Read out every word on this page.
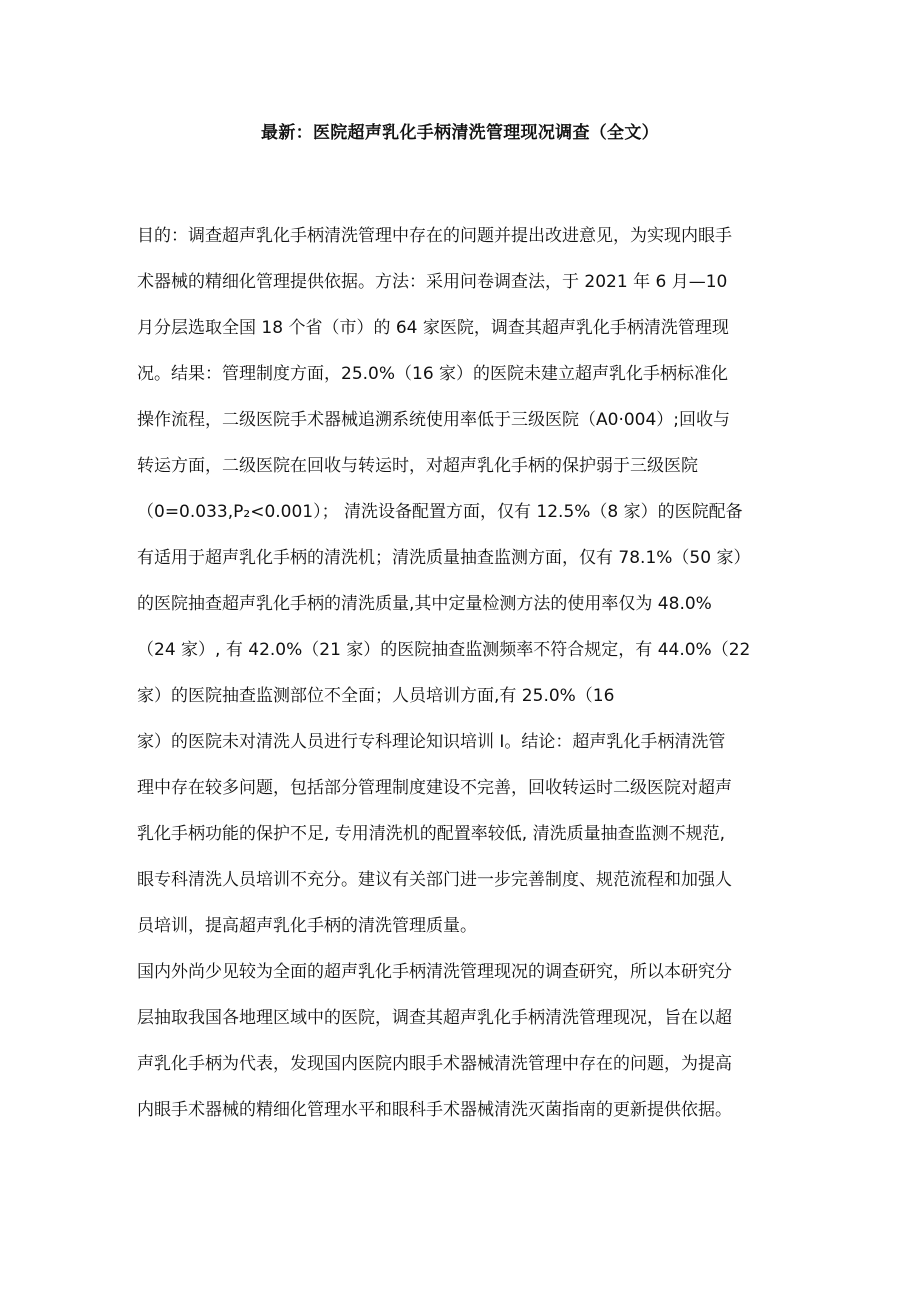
最新：医院超声乳化手柄清洗管理现况调查（全文）
目的：调查超声乳化手柄清洗管理中存在的问题并提出改进意见，为实现内眼手
术器械的精细化管理提供依据。方法：采用问卷调查法，于 2021 年 6 月—10
月分层选取全国 18 个省（市）的 64 家医院，调查其超声乳化手柄清洗管理现
况。结果：管理制度方面，25.0%（16 家）的医院未建立超声乳化手柄标准化
操作流程，二级医院手术器械追溯系统使用率低于三级医院（A0·004）;回收与
转运方面，二级医院在回收与转运时，对超声乳化手柄的保护弱于三级医院
（0=0.033,P₂<0.001）； 清洗设备配置方面，仅有 12.5%（8 家）的医院配备
有适用于超声乳化手柄的清洗机；清洗质量抽查监测方面，仅有 78.1%（50 家）
的医院抽查超声乳化手柄的清洗质量,其中定量检测方法的使用率仅为 48.0%
（24 家）, 有 42.0%（21 家）的医院抽查监测频率不符合规定，有 44.0%（22
家）的医院抽查监测部位不全面；人员培训方面,有 25.0%（16
家）的医院未对清洗人员进行专科理论知识培训 I。结论：超声乳化手柄清洗管
理中存在较多问题，包括部分管理制度建设不完善，回收转运时二级医院对超声
乳化手柄功能的保护不足, 专用清洗机的配置率较低, 清洗质量抽查监测不规范,
眼专科清洗人员培训不充分。建议有关部门进一步完善制度、规范流程和加强人
员培训，提高超声乳化手柄的清洗管理质量。
国内外尚少见较为全面的超声乳化手柄清洗管理现况的调查研究，所以本研究分
层抽取我国各地理区域中的医院，调查其超声乳化手柄清洗管理现况，旨在以超
声乳化手柄为代表，发现国内医院内眼手术器械清洗管理中存在的问题，为提高
内眼手术器械的精细化管理水平和眼科手术器械清洗灭菌指南的更新提供依据。
